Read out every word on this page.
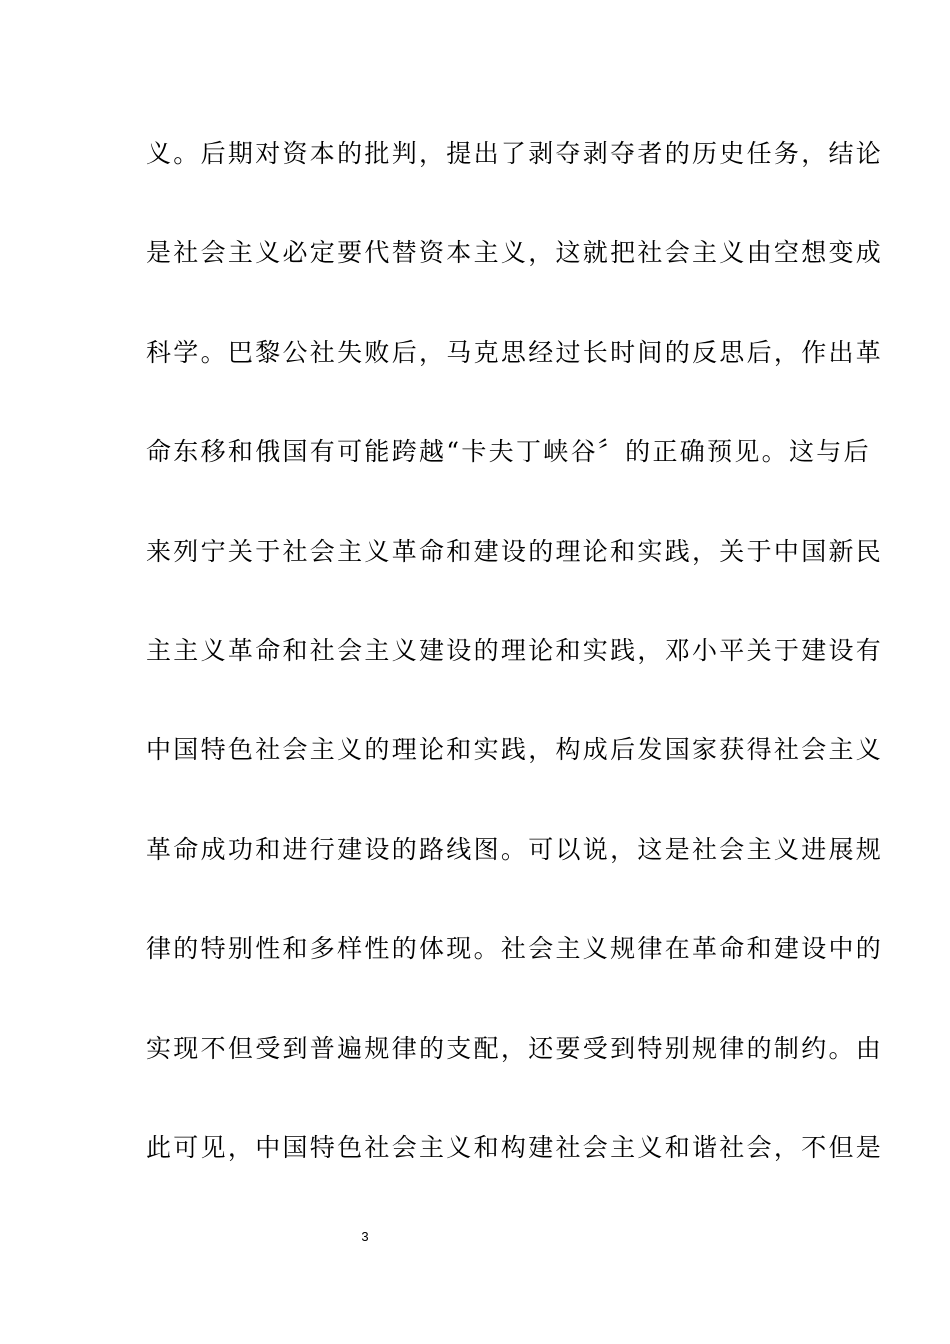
义。后期对资本的批判，提出了剥夺剥夺者的历史任务，结论
是社会主义必定要代替资本主义，这就把社会主义由空想变成
科学。巴黎公社失败后，马克思经过长时间的反思后，作出革
命东移和俄国有可能跨越“卡夫丁峡谷〞的正确预见。这与后
来列宁关于社会主义革命和建设的理论和实践，关于中国新民
主主义革命和社会主义建设的理论和实践，邓小平关于建设有
中国特色社会主义的理论和实践，构成后发国家获得社会主义
革命成功和进行建设的路线图。可以说，这是社会主义进展规
律的特别性和多样性的体现。社会主义规律在革命和建设中的
实现不但受到普遍规律的支配，还要受到特别规律的制约。由
此可见，中国特色社会主义和构建社会主义和谐社会，不但是
3
